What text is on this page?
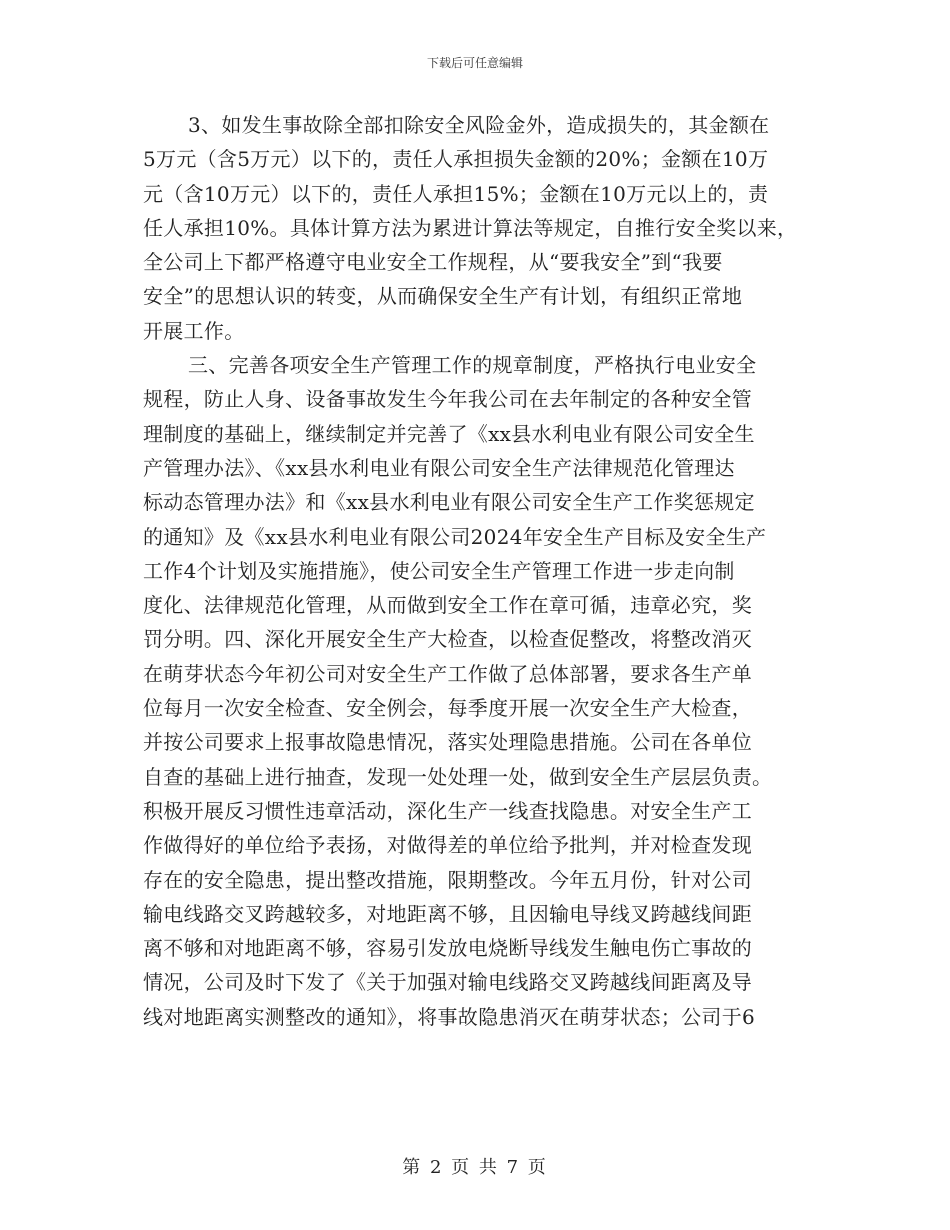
下载后可任意编辑
3、如发生事故除全部扣除安全风险金外，造成损失的，其金额在
5万元（含5万元）以下的，责任人承担损失金额的20%；金额在10万
元（含10万元）以下的，责任人承担15%；金额在10万元以上的，责
任人承担10%。具体计算方法为累进计算法等规定，自推行安全奖以来，
全公司上下都严格遵守电业安全工作规程，从“要我安全”到“我要
安全”的思想认识的转变，从而确保安全生产有计划，有组织正常地
开展工作。
三、完善各项安全生产管理工作的规章制度，严格执行电业安全
规程，防止人身、设备事故发生今年我公司在去年制定的各种安全管
理制度的基础上，继续制定并完善了《xx县水利电业有限公司安全生
产管理办法》、《xx县水利电业有限公司安全生产法律规范化管理达
标动态管理办法》和《xx县水利电业有限公司安全生产工作奖惩规定
的通知》及《xx县水利电业有限公司2024年安全生产目标及安全生产
工作4个计划及实施措施》，使公司安全生产管理工作进一步走向制
度化、法律规范化管理，从而做到安全工作在章可循，违章必究，奖
罚分明。四、深化开展安全生产大检查，以检查促整改，将整改消灭
在萌芽状态今年初公司对安全生产工作做了总体部署，要求各生产单
位每月一次安全检查、安全例会，每季度开展一次安全生产大检查，
并按公司要求上报事故隐患情况，落实处理隐患措施。公司在各单位
自查的基础上进行抽查，发现一处处理一处，做到安全生产层层负责。
积极开展反习惯性违章活动，深化生产一线查找隐患。对安全生产工
作做得好的单位给予表扬，对做得差的单位给予批判，并对检查发现
存在的安全隐患，提出整改措施，限期整改。今年五月份，针对公司
输电线路交叉跨越较多，对地距离不够，且因输电导线叉跨越线间距
离不够和对地距离不够，容易引发放电烧断导线发生触电伤亡事故的
情况，公司及时下发了《关于加强对输电线路交叉跨越线间距离及导
线对地距离实测整改的通知》，将事故隐患消灭在萌芽状态；公司于6
第 2 页 共 7 页
